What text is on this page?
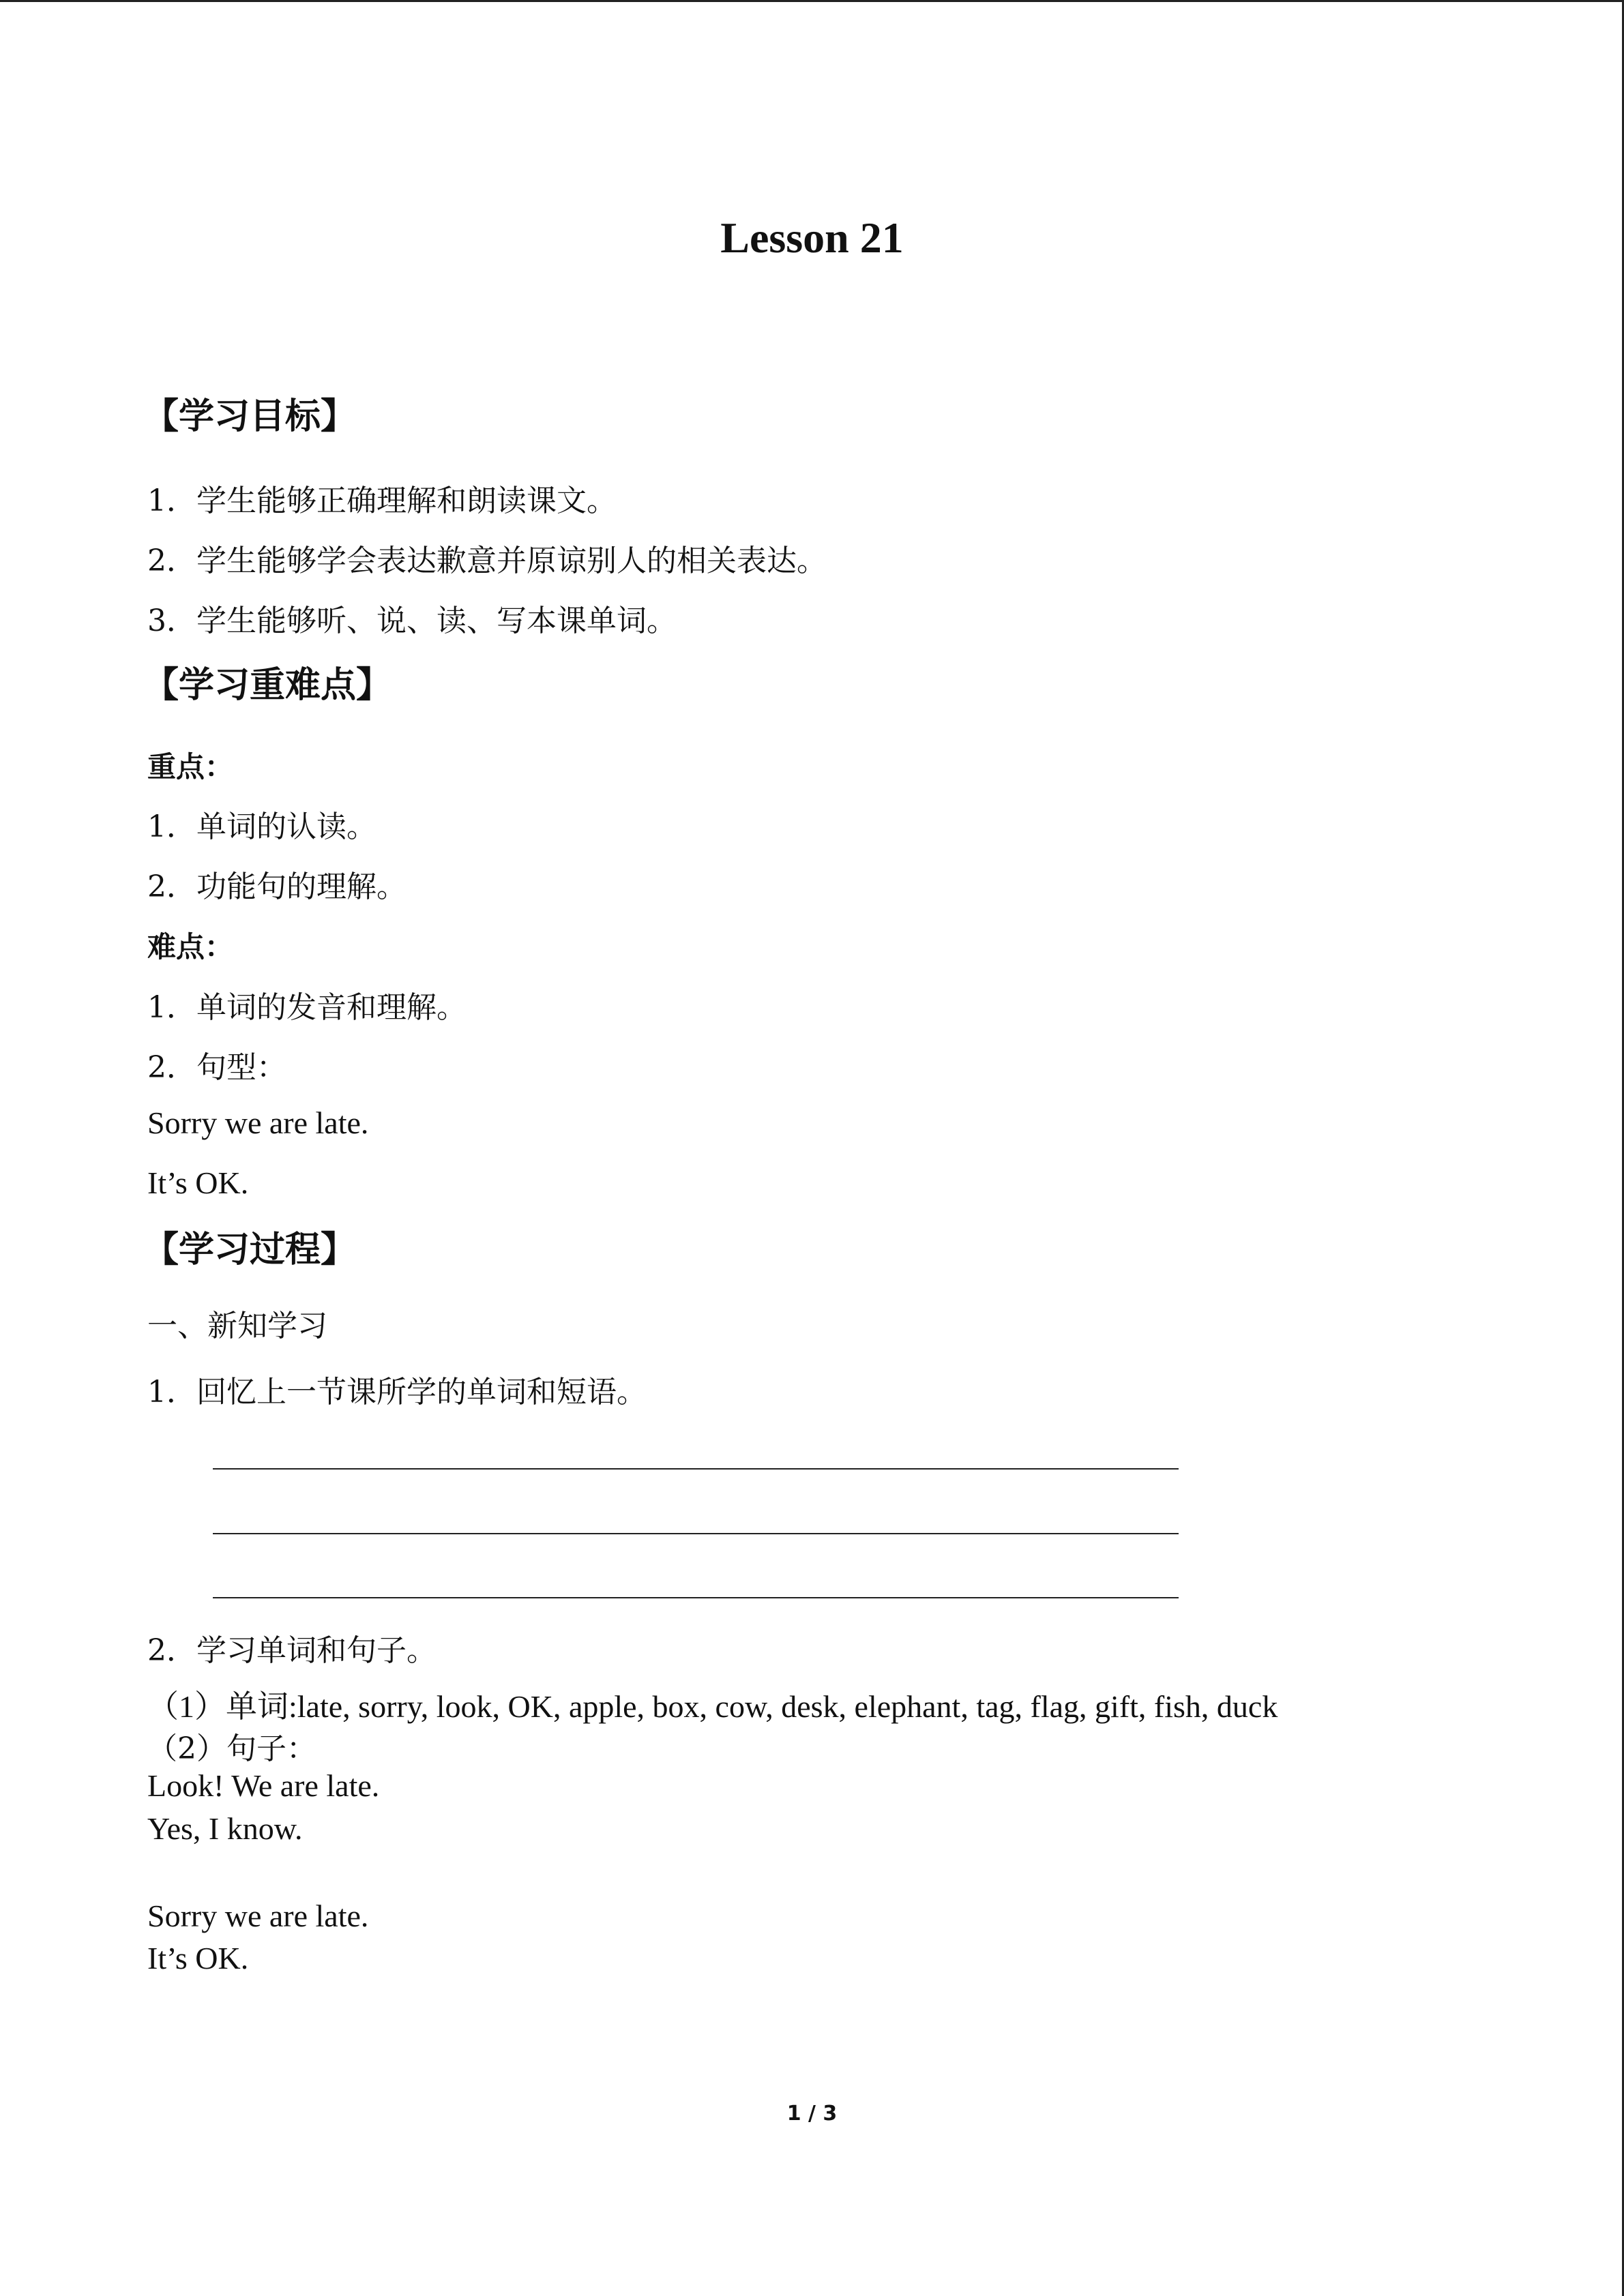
Lesson 21
【学习目标】
1．学生能够正确理解和朗读课文。
2．学生能够学会表达歉意并原谅别人的相关表达。
3．学生能够听、说、读、写本课单词。
【学习重难点】
重点：
1．单词的认读。
2．功能句的理解。
难点：
1．单词的发音和理解。
2．句型：
Sorry we are late.
It’s OK.
【学习过程】
一、新知学习
1．回忆上一节课所学的单词和短语。
2．学习单词和句子。
（1）单词:late, sorry, look, OK, apple, box, cow, desk, elephant, tag, flag, gift, fish, duck
（2）句子：
Look! We are late.
Yes, I know.
Sorry we are late.
It’s OK.
1 / 3
